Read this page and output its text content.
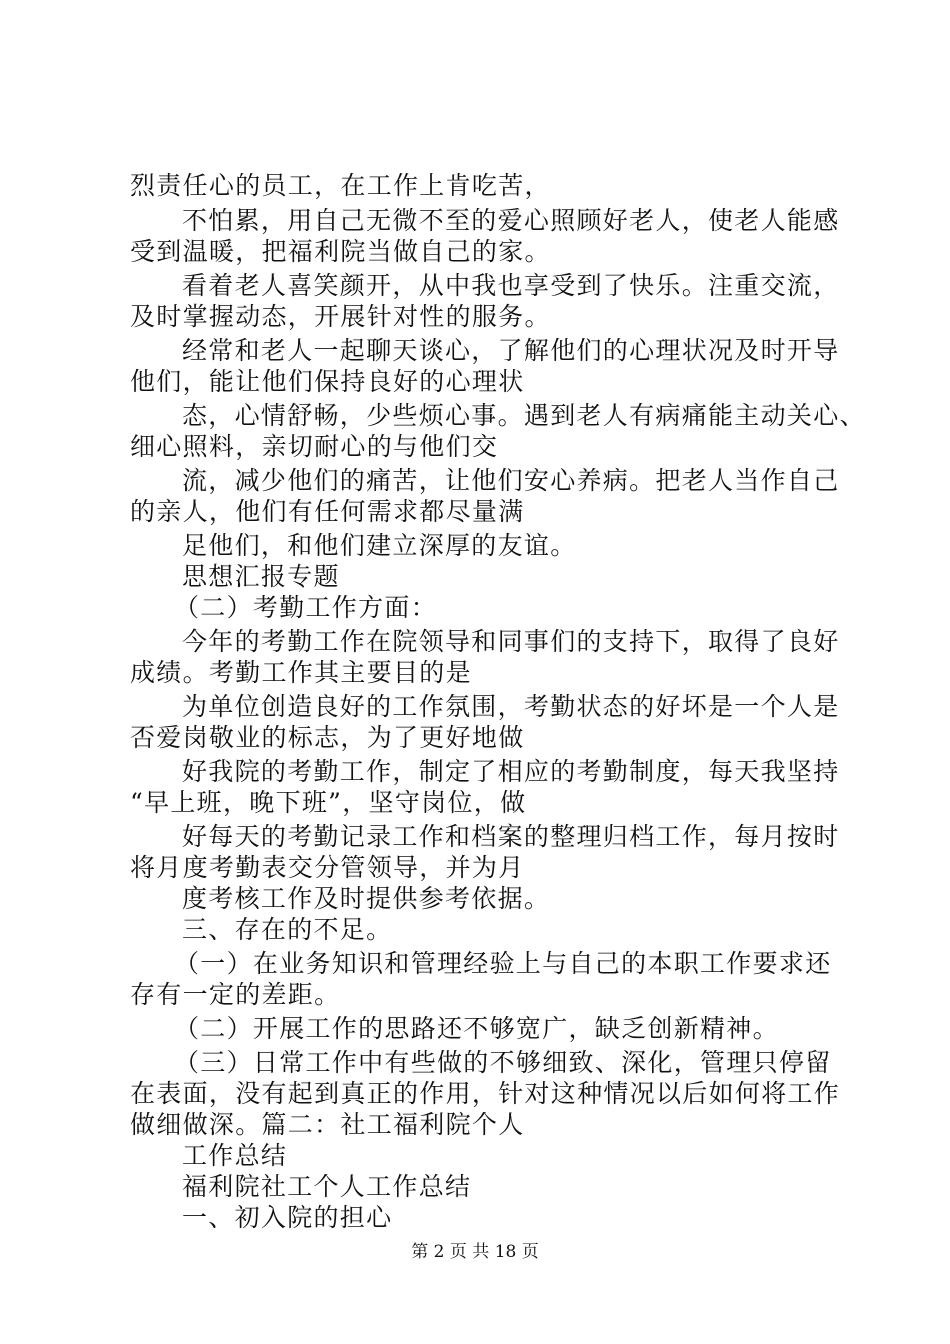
烈责任心的员工，在工作上肯吃苦，
不怕累，用自己无微不至的爱心照顾好老人，使老人能感
受到温暖，把福利院当做自己的家。
看着老人喜笑颜开，从中我也享受到了快乐。注重交流，
及时掌握动态，开展针对性的服务。
经常和老人一起聊天谈心，了解他们的心理状况及时开导
他们，能让他们保持良好的心理状
态，心情舒畅，少些烦心事。遇到老人有病痛能主动关心、
细心照料，亲切耐心的与他们交
流，减少他们的痛苦，让他们安心养病。把老人当作自己
的亲人，他们有任何需求都尽量满
足他们，和他们建立深厚的友谊。
思想汇报专题
（二）考勤工作方面：
今年的考勤工作在院领导和同事们的支持下，取得了良好
成绩。考勤工作其主要目的是
为单位创造良好的工作氛围，考勤状态的好坏是一个人是
否爱岗敬业的标志，为了更好地做
好我院的考勤工作，制定了相应的考勤制度，每天我坚持
“早上班，晚下班”，坚守岗位，做
好每天的考勤记录工作和档案的整理归档工作，每月按时
将月度考勤表交分管领导，并为月
度考核工作及时提供参考依据。
三、存在的不足。
（一）在业务知识和管理经验上与自己的本职工作要求还
存有一定的差距。
（二）开展工作的思路还不够宽广，缺乏创新精神。
（三）日常工作中有些做的不够细致、深化，管理只停留
在表面，没有起到真正的作用，针对这种情况以后如何将工作
做细做深。篇二：社工福利院个人
工作总结
福利院社工个人工作总结
一、初入院的担心
第 2 页 共 18 页
